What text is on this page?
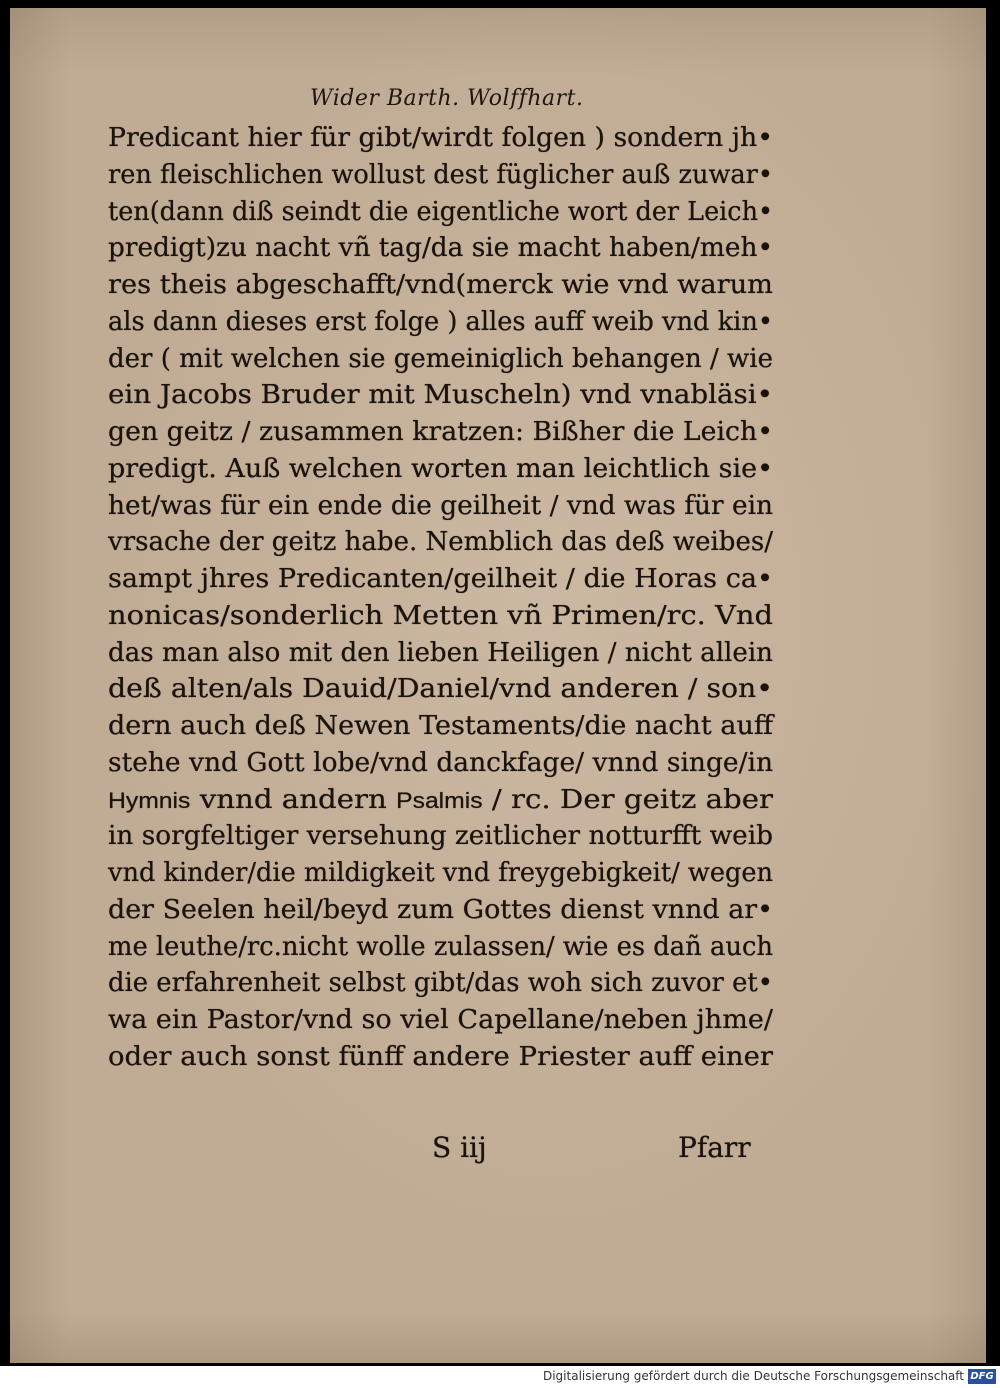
Wider Barth. Wolffhart.
Predicant hier für gibt/wirdt folgen ) sondern jh•
ren fleischlichen wollust dest füglicher auß zuwar•
ten(dann diß seindt die eigentliche wort der Leich•
predigt)zu nacht vñ tag/da sie macht haben/meh•
res theis abgeschafft/vnd(merck wie vnd warum
als dann dieses erst folge ) alles auff weib vnd kin•
der ( mit welchen sie gemeiniglich behangen / wie
ein Jacobs Bruder mit Muscheln) vnd vnabläsi•
gen geitz / zusammen kratzen: Bißher die Leich•
predigt. Auß welchen worten man leichtlich sie•
het/was für ein ende die geilheit / vnd was für ein
vrsache der geitz habe. Nemblich das deß weibes/
sampt jhres Predicanten/geilheit / die Horas ca•
nonicas/sonderlich Metten vñ Primen/rc. Vnd
das man also mit den lieben Heiligen / nicht allein
deß alten/als Dauid/Daniel/vnd anderen / son•
dern auch deß Newen Testaments/die nacht auff
stehe vnd Gott lobe/vnd danckfage/ vnnd singe/in
Hymnis vnnd andern Psalmis / rc. Der geitz aber
in sorgfeltiger versehung zeitlicher notturfft weib
vnd kinder/die mildigkeit vnd freygebigkeit/ wegen
der Seelen heil/beyd zum Gottes dienst vnnd ar•
me leuthe/rc.nicht wolle zulassen/ wie es dañ auch
die erfahrenheit selbst gibt/das woh sich zuvor et•
wa ein Pastor/vnd so viel Capellane/neben jhme/
oder auch sonst fünff andere Priester auff einer
S iij	Pfarr
Digitalisierung gefördert durch die Deutsche Forschungsgemeinschaft DFG
